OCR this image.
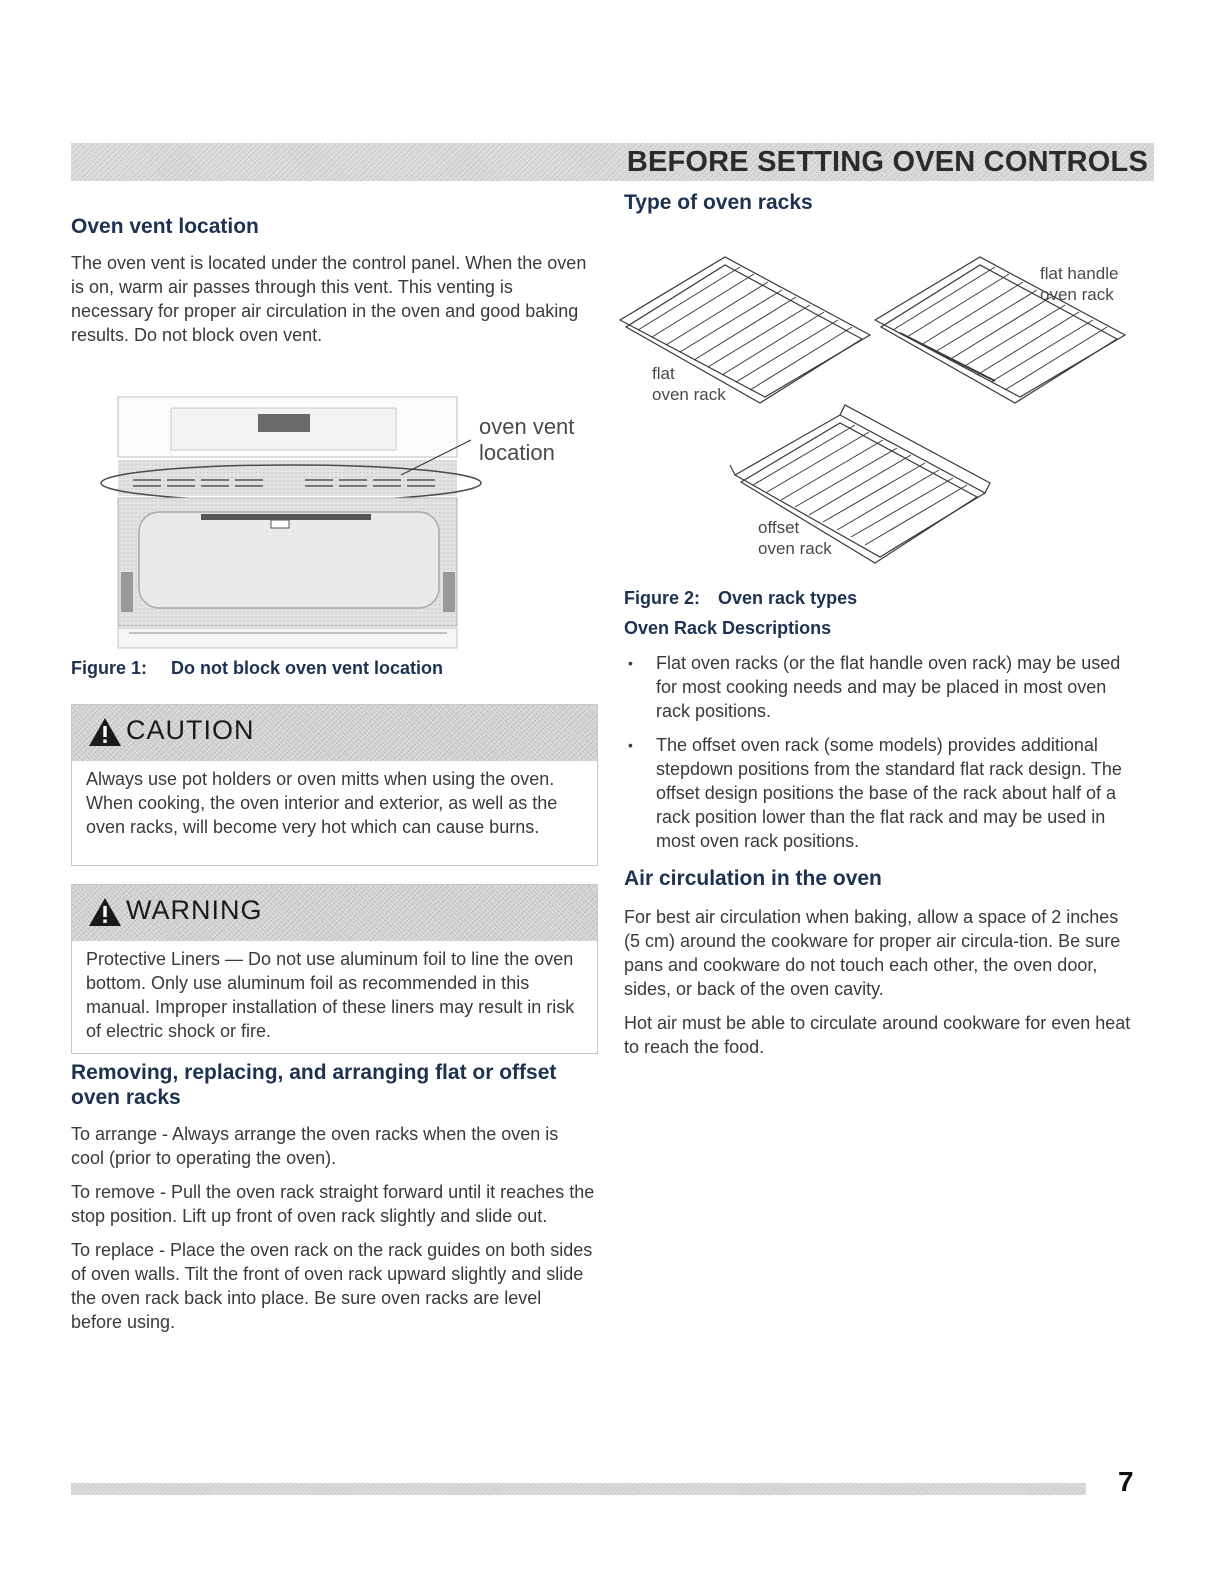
BEFORE SETTING OVEN CONTROLS
Oven vent location

The oven vent is located under the control panel. When the oven is on, warm air passes through this vent. This venting is necessary for proper air circulation in the oven and good baking results. Do not block oven vent.

oven vent
location
Figure 1: Do not block oven vent location
CAUTION

Always use pot holders or oven mitts when using the oven. When cooking, the oven interior and exterior, as well as the oven racks, will become very hot which can cause burns.

WARNING

Protective Liners — Do not use aluminum foil to line the oven bottom. Only use aluminum foil as recommended in this manual. Improper installation of these liners may result in risk of electric shock or fire.

Removing, replacing, and arranging flat or offset oven racks

To arrange - Always arrange the oven racks when the oven is cool (prior to operating the oven).

To remove - Pull the oven rack straight forward until it reaches the stop position. Lift up front of oven rack slightly and slide out.

To replace - Place the oven rack on the rack guides on both sides of oven walls. Tilt the front of oven rack upward slightly and slide the oven rack back into place. Be sure oven racks are level before using.

Type of oven racks
flat
oven rack
flat handle
oven rack
offset
oven rack
Figure 2: Oven rack types
Oven Rack Descriptions
• Flat oven racks (or the flat handle oven rack) may be used for most cooking needs and may be placed in most oven rack positions.
• The offset oven rack (some models) provides additional stepdown positions from the standard flat rack design. The offset design positions the base of the rack about half of a rack position lower than the flat rack and may be used in most oven rack positions.
Air circulation in the oven

For best air circulation when baking, allow a space of 2 inches (5 cm) around the cookware for proper air circula-tion. Be sure pans and cookware do not touch each other, the oven door, sides, or back of the oven cavity.

Hot air must be able to circulate around cookware for even heat to reach the food.

7
